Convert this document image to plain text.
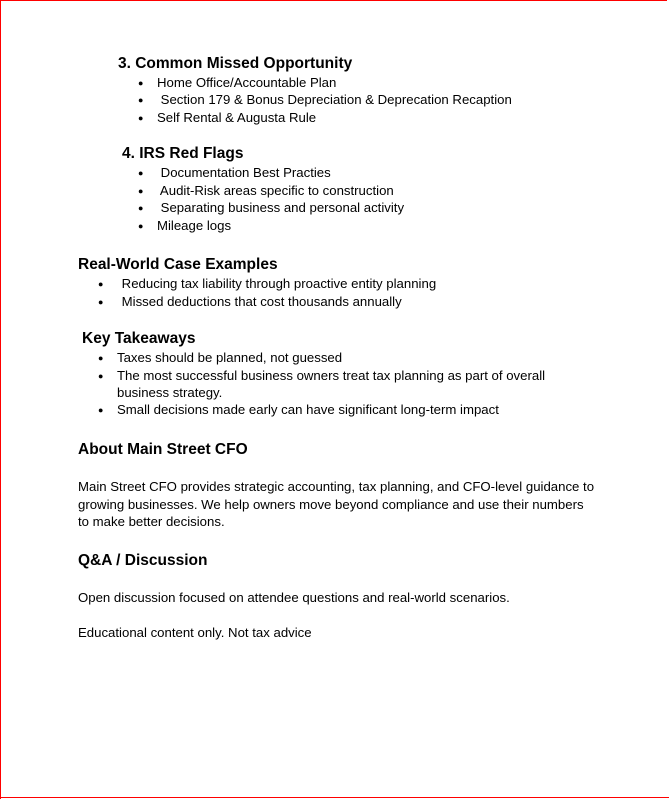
3. Common Missed Opportunity
● Home Office/Accountable Plan
● Section 179 & Bonus Depreciation & Deprecation Recaption
● Self Rental & Augusta Rule
4. IRS Red Flags
● Documentation Best Practies
● Audit-Risk areas specific to construction
● Separating business and personal activity
● Mileage logs
Real-World Case Examples
● Reducing tax liability through proactive entity planning
● Missed deductions that cost thousands annually
Key Takeaways
● Taxes should be planned, not guessed
● The most successful business owners treat tax planning as part of overall
business strategy.
● Small decisions made early can have significant long-term impact
About Main Street CFO
Main Street CFO provides strategic accounting, tax planning, and CFO-level guidance to growing businesses. We help owners move beyond compliance and use their numbers to make better decisions.
Q&A / Discussion
Open discussion focused on attendee questions and real-world scenarios.
Educational content only. Not tax advice
